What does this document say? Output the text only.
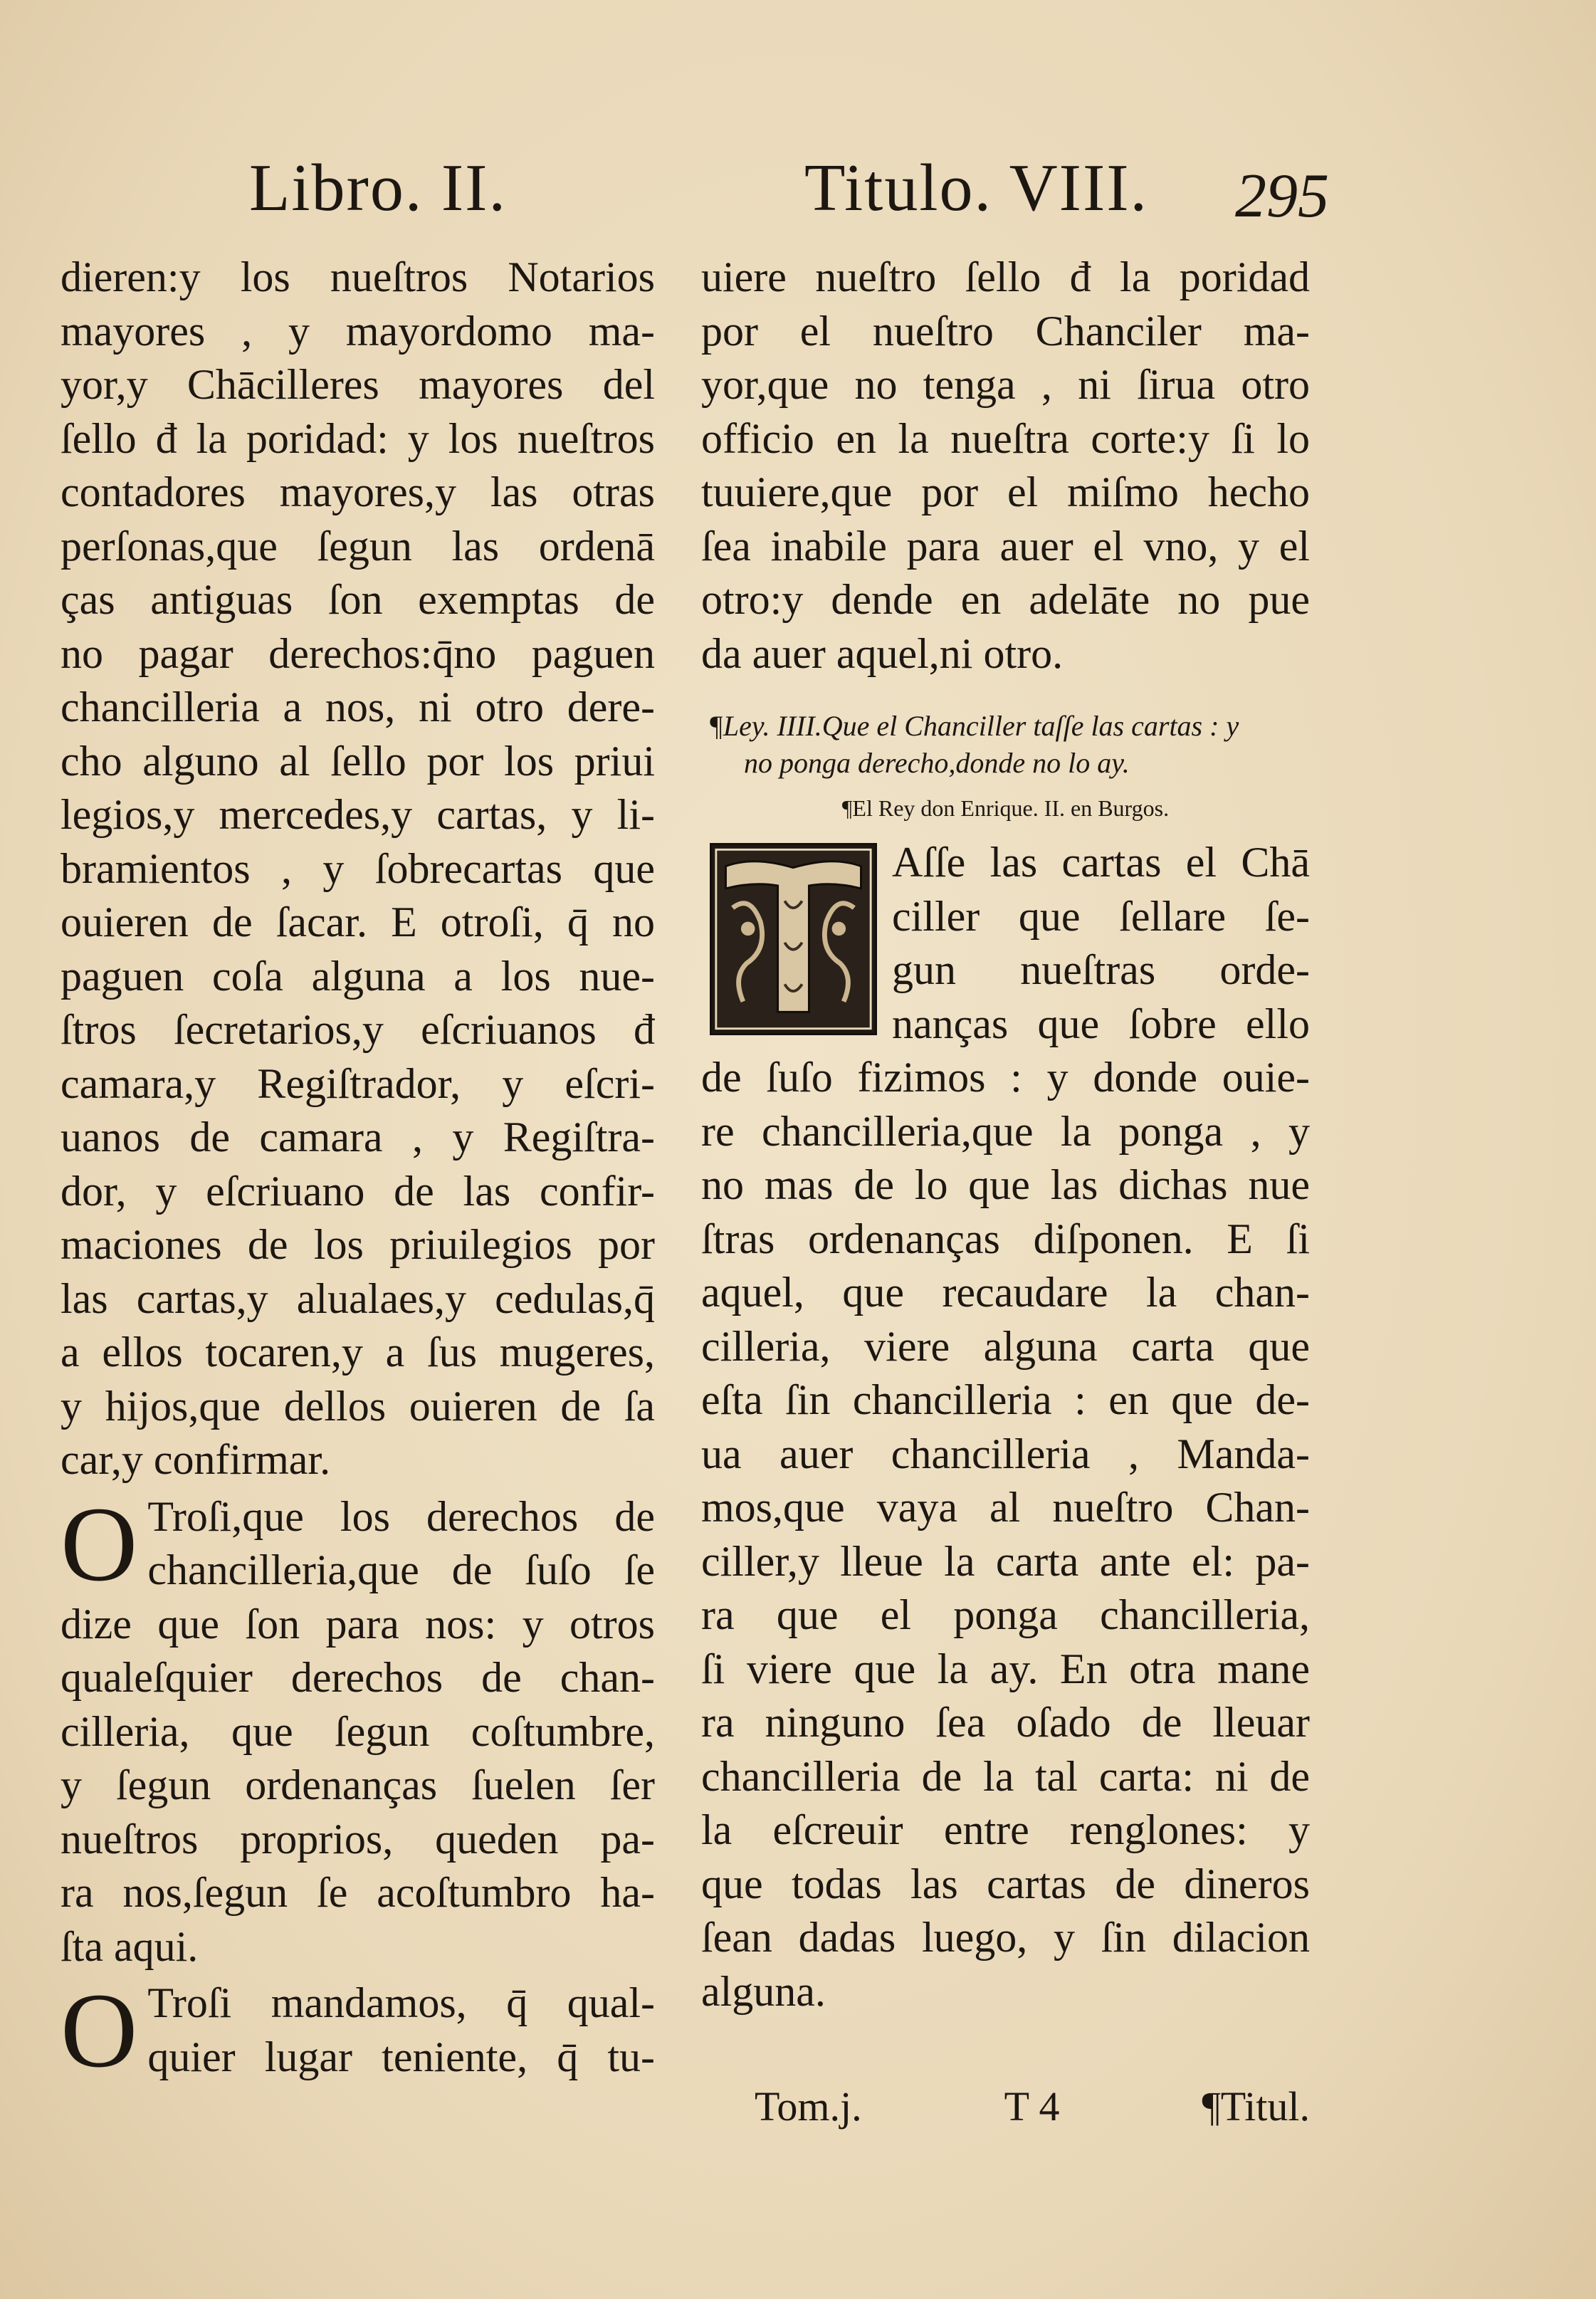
Libro. II.	Titulo. VIII. 295
dieren:y los nueſtros Notarios
mayores , y mayordomo ma-
yor,y Chācilleres mayores del
ſello đ la poridad: y los nueſtros
contadores mayores,y las otras
perſonas,que ſegun las ordenā
ças antiguas ſon exemptas de
no pagar derechos:q̄no paguen
chancilleria a nos, ni otro dere-
cho alguno al ſello por los priui
legios,y mercedes,y cartas, y li-
bramientos , y ſobrecartas que
ouieren de ſacar. E otroſi, q̄ no
paguen coſa alguna a los nue-
ſtros ſecretarios,y eſcriuanos đ
camara,y Regiſtrador, y eſcri-
uanos de camara , y Regiſtra-
dor, y eſcriuano de las confir-
maciones de los priuilegios por
las cartas,y alualaes,y cedulas,q̄
a ellos tocaren,y a ſus mugeres,
y hijos,que dellos ouieren de ſa
car,y confirmar.
O Troſi,que los derechos de
chancilleria,que de ſuſo ſe
dize que ſon para nos: y otros
qualeſquier derechos de chan-
cilleria, que ſegun coſtumbre,
y ſegun ordenanças ſuelen ſer
nueſtros proprios, queden pa-
ra nos,ſegun ſe acoſtumbro ha-
ſta aqui.
O Troſi mandamos, q̄ qual-
quier lugar teniente, q̄ tu-
uiere nueſtro ſello đ la poridad
por el nueſtro Chanciler ma-
yor,que no tenga , ni ſirua otro
officio en la nueſtra corte:y ſi lo
tuuiere,que por el miſmo hecho
ſea inabile para auer el vno, y el
otro:y dende en adelāte no pue
da auer aquel,ni otro.
¶Ley. IIII.Que el Chanciller taſſe las cartas : y
no ponga derecho,donde no lo ay.
¶El Rey don Enrique. II. en Burgos.
Aſſe las cartas el Chā
ciller que ſellare ſe-
gun nueſtras orde-
nanças que ſobre ello
de ſuſo fizimos : y donde ouie-
re chancilleria,que la ponga , y
no mas de lo que las dichas nue
ſtras ordenanças diſponen. E ſi
aquel, que recaudare la chan-
cilleria, viere alguna carta que
eſta ſin chancilleria : en que de-
ua auer chancilleria , Manda-
mos,que vaya al nueſtro Chan-
ciller,y lleue la carta ante el: pa-
ra que el ponga chancilleria,
ſi viere que la ay. En otra mane
ra ninguno ſea oſado de lleuar
chancilleria de la tal carta: ni de
la eſcreuir entre renglones: y
que todas las cartas de dineros
ſean dadas luego, y ſin dilacion
alguna.
Tom.j.	T 4	¶Titul.
